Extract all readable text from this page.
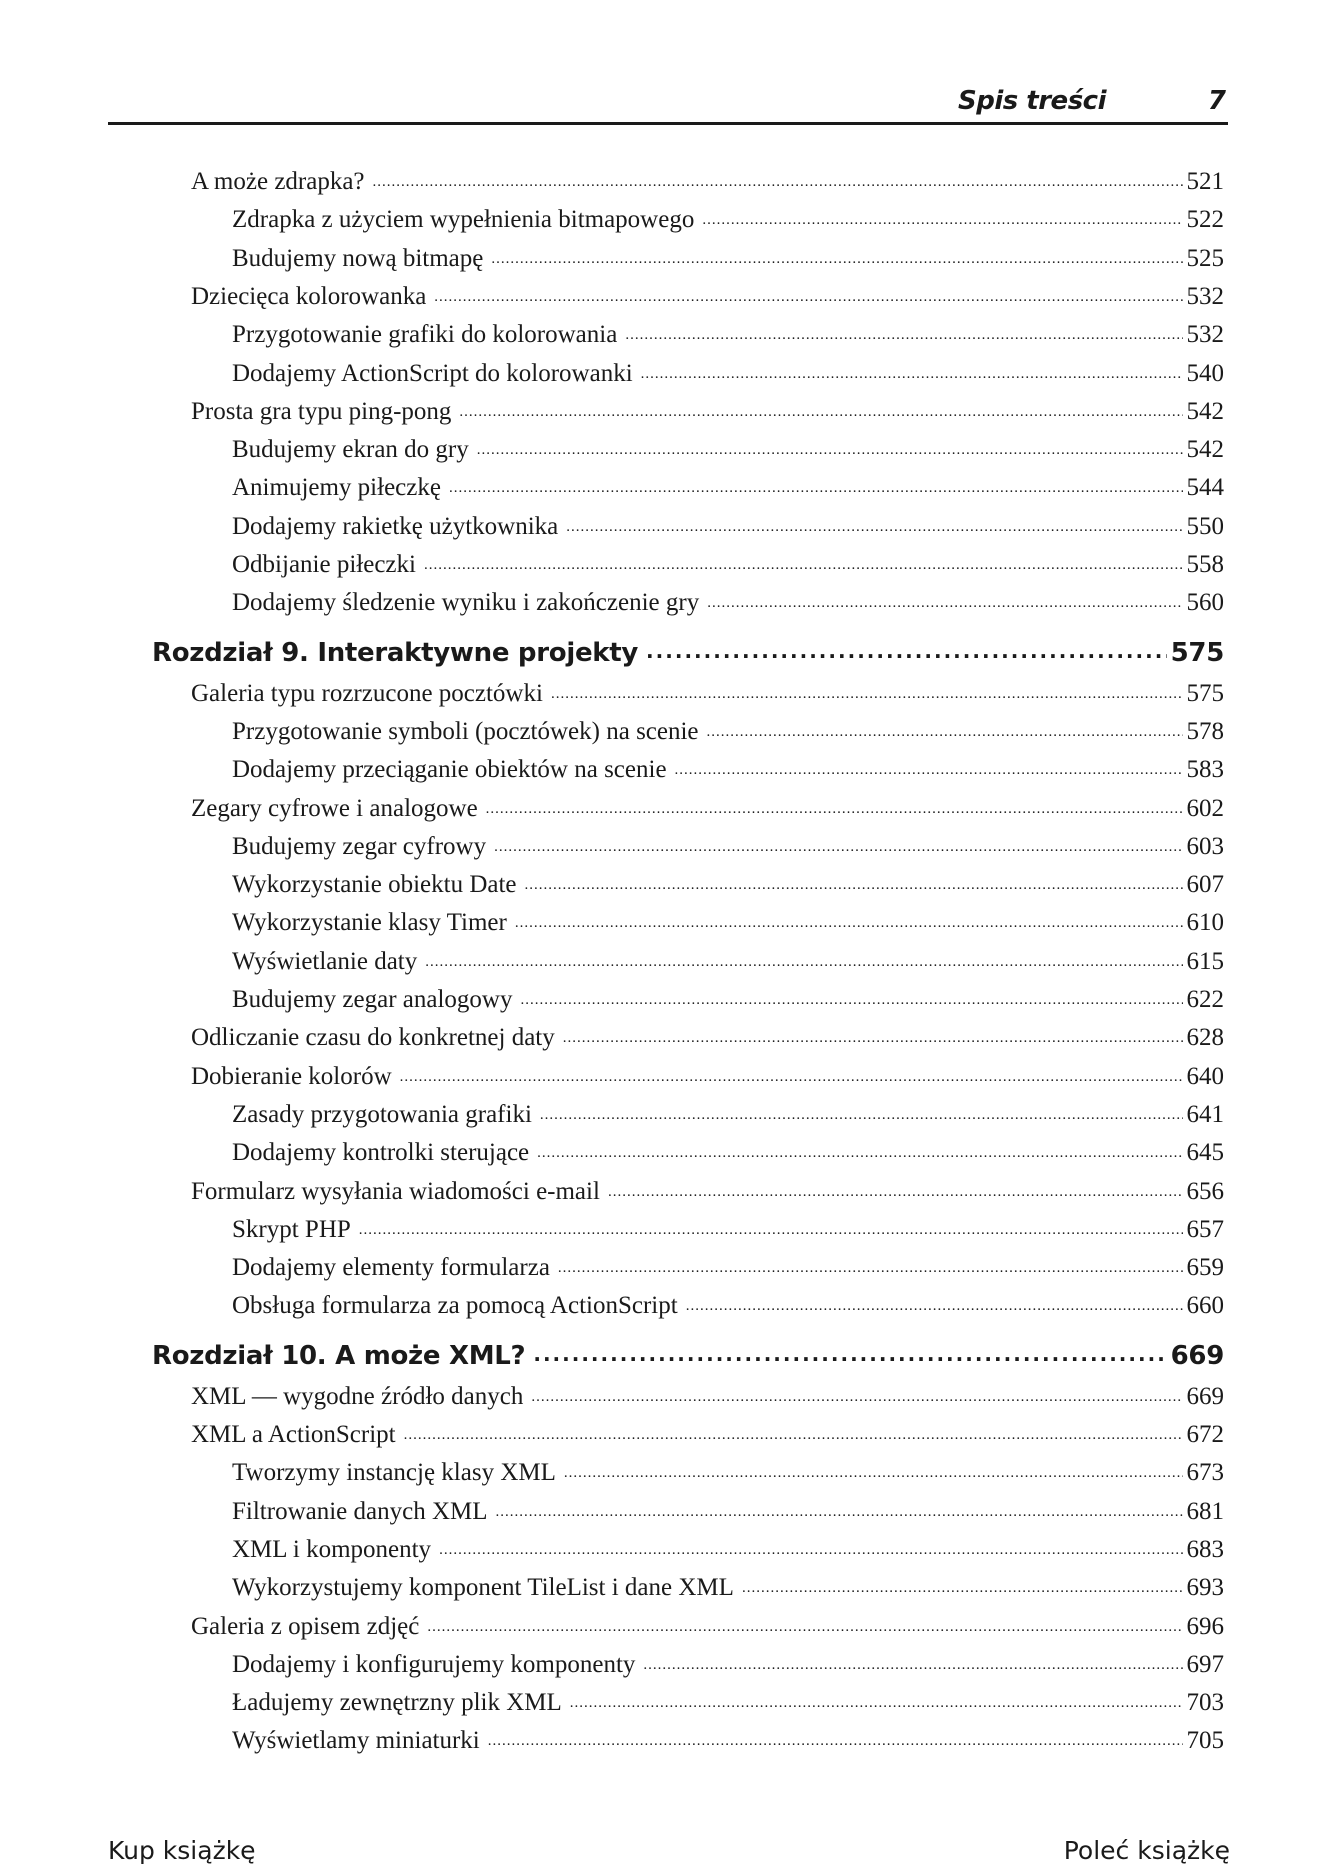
Spis treści	7
A może zdrapka? .....	521
Zdrapka z użyciem wypełnienia bitmapowego .....	522
Budujemy nową bitmapę .....	525
Dziecięca kolorowanka .....	532
Przygotowanie grafiki do kolorowania .....	532
Dodajemy ActionScript do kolorowanki .....	540
Prosta gra typu ping-pong .....	542
Budujemy ekran do gry .....	542
Animujemy piłeczkę .....	544
Dodajemy rakietkę użytkownika .....	550
Odbijanie piłeczki .....	558
Dodajemy śledzenie wyniku i zakończenie gry .....	560
Rozdział 9. Interaktywne projekty .....	575
Galeria typu rozrzucone pocztówki .....	575
Przygotowanie symboli (pocztówek) na scenie .....	578
Dodajemy przeciąganie obiektów na scenie .....	583
Zegary cyfrowe i analogowe .....	602
Budujemy zegar cyfrowy .....	603
Wykorzystanie obiektu Date .....	607
Wykorzystanie klasy Timer .....	610
Wyświetlanie daty .....	615
Budujemy zegar analogowy .....	622
Odliczanie czasu do konkretnej daty .....	628
Dobieranie kolorów .....	640
Zasady przygotowania grafiki .....	641
Dodajemy kontrolki sterujące .....	645
Formularz wysyłania wiadomości e-mail .....	656
Skrypt PHP .....	657
Dodajemy elementy formularza .....	659
Obsługa formularza za pomocą ActionScript .....	660
Rozdział 10. A może XML? .....	669
XML — wygodne źródło danych .....	669
XML a ActionScript .....	672
Tworzymy instancję klasy XML .....	673
Filtrowanie danych XML .....	681
XML i komponenty .....	683
Wykorzystujemy komponent TileList i dane XML .....	693
Galeria z opisem zdjęć .....	696
Dodajemy i konfigurujemy komponenty .....	697
Ładujemy zewnętrzny plik XML .....	703
Wyświetlamy miniaturki .....	705
Kup książkę	Poleć książkę
